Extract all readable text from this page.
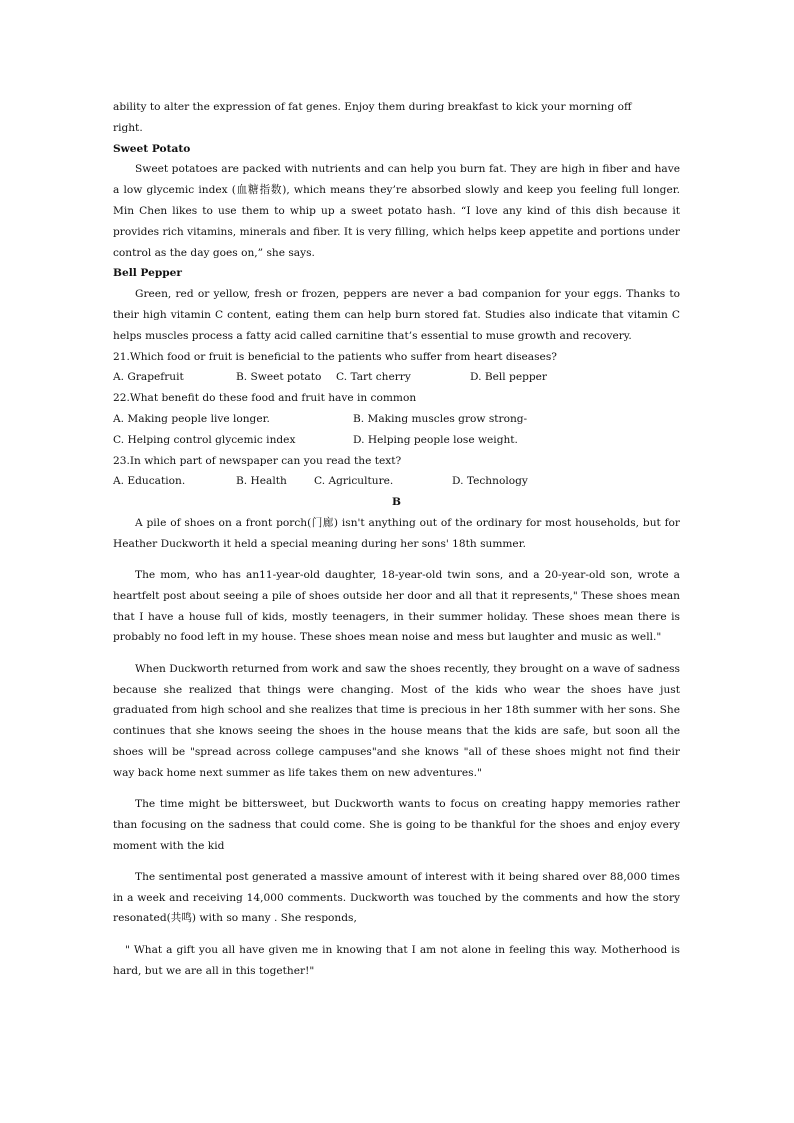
ability to alter the expression of fat genes. Enjoy them during breakfast to kick your morning off

right.

Sweet Potato

Sweet potatoes are packed with nutrients and can help you burn fat. They are high in fiber and have a low glycemic index (血糖指数), which means they’re absorbed slowly and keep you feeling full longer. Min Chen likes to use them to whip up a sweet potato hash. “I love any kind of this dish because it provides rich vitamins, minerals and fiber. It is very filling, which helps keep appetite and portions under control as the day goes on,” she says.

Bell Pepper

Green, red or yellow, fresh or frozen, peppers are never a bad companion for your eggs. Thanks to their high vitamin C content, eating them can help burn stored fat. Studies also indicate that vitamin C helps muscles process a fatty acid called carnitine that’s essential to muse growth and recovery.

21.Which food or fruit is beneficial to the patients who suffer from heart diseases?

A. Grapefruit	B. Sweet potato	C. Tart cherry	D. Bell pepper

22.What benefit do these food and fruit have in common

A. Making people live longer.	B. Making muscles grow strong-
C. Helping control glycemic index	D. Helping people lose weight.

23.In which part of newspaper can you read the text?

A. Education.	B. Health	C. Agriculture.	D. Technology

B

A pile of shoes on a front porch(门廊) isn't anything out of the ordinary for most households, but for Heather Duckworth it held a special meaning during her sons' 18th summer.

The mom, who has an11-year-old daughter, 18-year-old twin sons, and a 20-year-old son, wrote a heartfelt post about seeing a pile of shoes outside her door and all that it represents," These shoes mean that I have a house full of kids, mostly teenagers, in their summer holiday. These shoes mean there is probably no food left in my house. These shoes mean noise and mess but laughter and music as well."

When Duckworth returned from work and saw the shoes recently, they brought on a wave of sadness because she realized that things were changing. Most of the kids who wear the shoes have just graduated from high school and she realizes that time is precious in her 18th summer with her sons. She continues that she knows seeing the shoes in the house means that the kids are safe, but soon all the shoes will be "spread across college campuses"and she knows "all of these shoes might not find their way back home next summer as life takes them on new adventures."

The time might be bittersweet, but Duckworth wants to focus on creating happy memories rather than focusing on the sadness that could come. She is going to be thankful for the shoes and enjoy every moment with the kid

The sentimental post generated a massive amount of interest with it being shared over 88,000 times in a week and receiving 14,000 comments. Duckworth was touched by the comments and how the story resonated(共鸣) with so many . She responds,

" What a gift you all have given me in knowing that I am not alone in feeling this way. Motherhood is hard, but we are all in this together!"
